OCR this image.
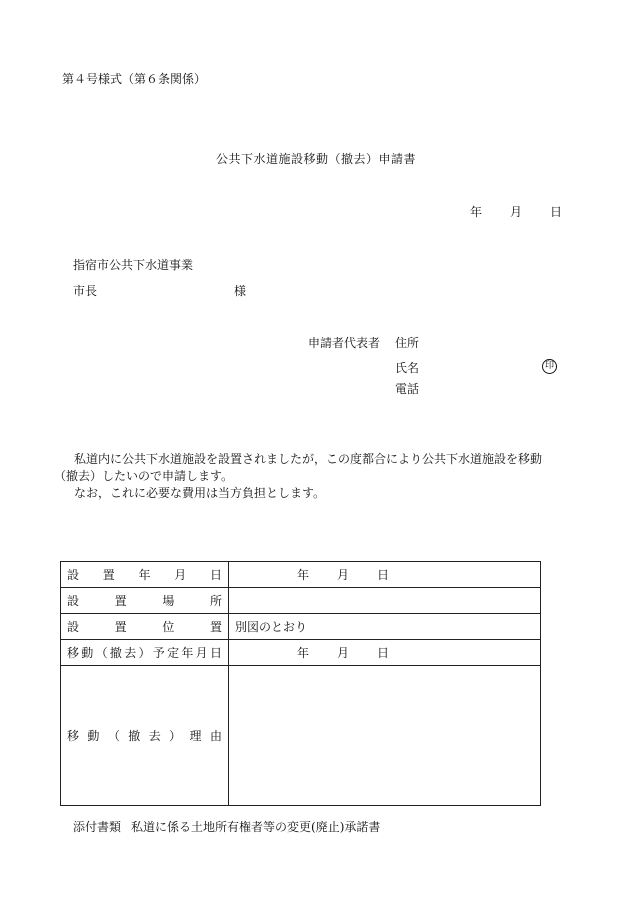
第４号様式（第６条関係）
公共下水道施設移動（撤去）申請書
年 月 日
指宿市公共下水道事業
市長	様
申請者代表者 住所
氏名	印
電話

私道内に公共下水道施設を設置されましたが，この度都合により公共下水道施設を移動

（撤去）したいので申請します。

なお，これに必要な費用は当方負担とします。

設置年月日	年 月 日
設置場所	
設置位置	別図のとおり
移動（撤去）予定年月日	年 月 日
移動（撤去）理由	
添付書類 私道に係る土地所有権者等の変更(廃止)承諾書
